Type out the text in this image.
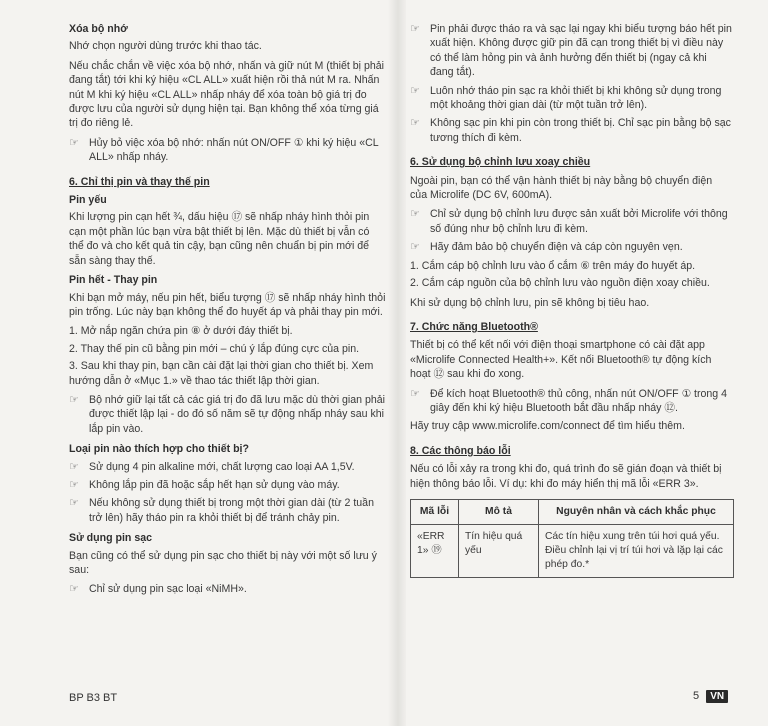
Xóa bộ nhớ

Nhớ chọn người dùng trước khi thao tác.

Nếu chắc chắn về việc xóa bộ nhớ, nhấn và giữ nút M (thiết bị phải đang tắt) tới khi ký hiệu «CL ALL» xuất hiện rồi thả nút M ra. Nhấn nút M khi ký hiệu «CL ALL» nhấp nháy để xóa toàn bộ giá trị đo được lưu của người sử dụng hiện tại. Bạn không thể xóa từng giá trị đo riêng lẻ.

☞ Hủy bỏ việc xóa bộ nhớ: nhấn nút ON/OFF ① khi ký hiệu «CL ALL» nhấp nháy.
6. Chỉ thị pin và thay thế pin
Pin yếu

Khi lượng pin cạn hết ¾, dấu hiệu ⑰ sẽ nhấp nháy hình thỏi pin cạn một phần lúc bạn vừa bật thiết bị lên. Mặc dù thiết bị vẫn có thể đo và cho kết quả tin cậy, bạn cũng nên chuẩn bị pin mới để sẵn sàng thay thế.

Pin hết - Thay pin

Khi bạn mở máy, nếu pin hết, biểu tượng ⑰ sẽ nhấp nháy hình thỏi pin trống. Lúc này bạn không thể đo huyết áp và phải thay pin mới.

1. Mở nắp ngăn chứa pin ⑧ ở dưới đáy thiết bị.
2. Thay thế pin cũ bằng pin mới – chú ý lắp đúng cực của pin.
3. Sau khi thay pin, bạn cần cài đặt lại thời gian cho thiết bị. Xem hướng dẫn ở «Mục 1.» về thao tác thiết lập thời gian.
☞ Bộ nhớ giữ lại tất cả các giá trị đo đã lưu mặc dù thời gian phải được thiết lập lại - do đó số năm sẽ tự động nhấp nháy sau khi lắp pin vào.
Loại pin nào thích hợp cho thiết bị?
☞ Sử dụng 4 pin alkaline mới, chất lượng cao loại AA 1,5V.
☞ Không lắp pin đã hoặc sắp hết hạn sử dụng vào máy.
☞ Nếu không sử dụng thiết bị trong một thời gian dài (từ 2 tuần trở lên) hãy tháo pin ra khỏi thiết bị để tránh chảy pin.
Sử dụng pin sạc

Bạn cũng có thể sử dụng pin sạc cho thiết bị này với một số lưu ý sau:

☞ Chỉ sử dụng pin sạc loại «NiMH».
☞ Pin phải được tháo ra và sạc lại ngay khi biểu tượng báo hết pin xuất hiện. Không được giữ pin đã cạn trong thiết bị vì điều này có thể làm hỏng pin và ảnh hưởng đến thiết bị (ngay cả khi đang tắt).
☞ Luôn nhớ tháo pin sạc ra khỏi thiết bị khi không sử dụng trong một khoảng thời gian dài (từ một tuần trở lên).
☞ Không sạc pin khi pin còn trong thiết bị. Chỉ sạc pin bằng bộ sạc tương thích đi kèm.
6. Sử dụng bộ chỉnh lưu xoay chiều

Ngoài pin, bạn có thể vận hành thiết bị này bằng bộ chuyển điện của Microlife (DC 6V, 600mA).

☞ Chỉ sử dụng bộ chỉnh lưu được sản xuất bởi Microlife với thông số đúng như bộ chỉnh lưu đi kèm.
☞ Hãy đảm bảo bộ chuyển điện và cáp còn nguyên vẹn.
1. Cắm cáp bộ chỉnh lưu vào ổ cắm ⑥ trên máy đo huyết áp.
2. Cắm cáp nguồn của bộ chỉnh lưu vào nguồn điện xoay chiều.

Khi sử dụng bộ chỉnh lưu, pin sẽ không bị tiêu hao.

7. Chức năng Bluetooth®

Thiết bị có thể kết nối với điện thoại smartphone có cài đặt app «Microlife Connected Health+». Kết nối Bluetooth® tự động kích hoạt ⑫ sau khi đo xong.

☞ Để kích hoạt Bluetooth® thủ công, nhấn nút ON/OFF ① trong 4 giây đến khi ký hiệu Bluetooth bắt đầu nhấp nháy ⑫.

Hãy truy cập www.microlife.com/connect để tìm hiểu thêm.

8. Các thông báo lỗi

Nếu có lỗi xảy ra trong khi đo, quá trình đo sẽ gián đoạn và thiết bị hiện thông báo lỗi. Ví dụ: khi đo máy hiển thị mã lỗi «ERR 3».

Mã lỗi	Mô tả	Nguyên nhân và cách khắc phục
«ERR 1» ⑲	Tín hiệu quá yếu	Các tín hiệu xung trên túi hơi quá yếu. Điều chỉnh lại vị trí túi hơi và lặp lại các phép đo.*
BP B3 BT	5 VN
